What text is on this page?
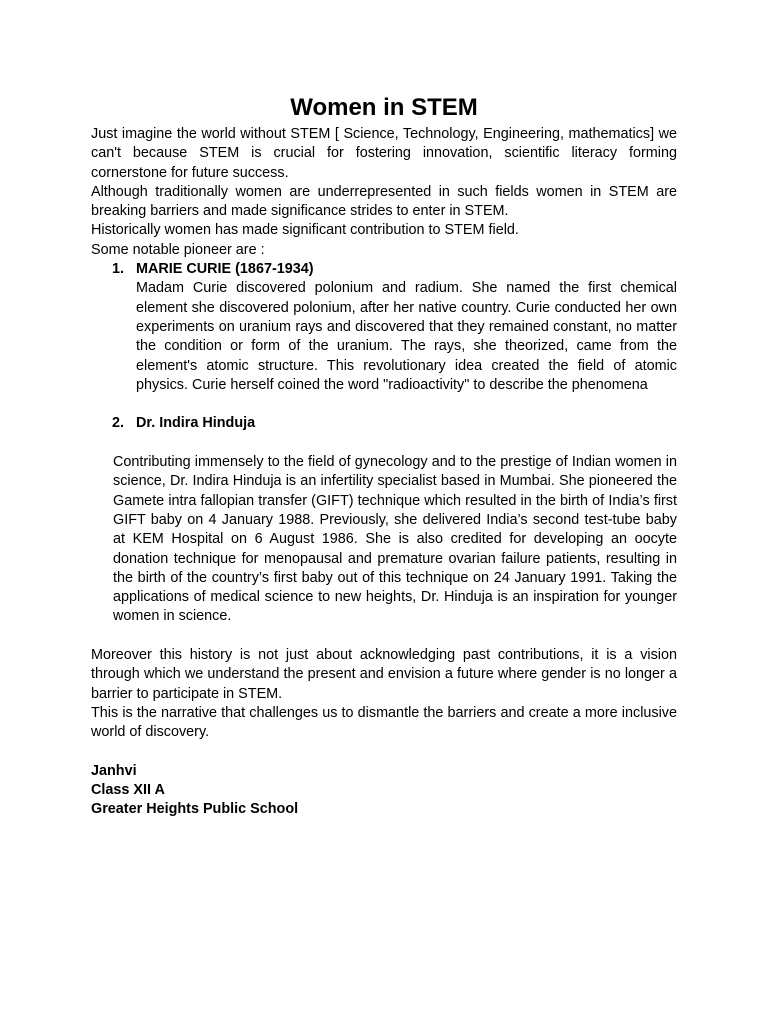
Women in STEM

Just imagine the world without STEM [ Science, Technology, Engineering, mathematics] we can't because STEM is crucial for fostering innovation, scientific literacy forming cornerstone for future success.

Although traditionally women are underrepresented in such fields women in STEM are breaking barriers and made significance strides to enter in STEM.

Historically women has made significant contribution to STEM field.

Some notable pioneer are :

1. MARIE CURIE (1867-1934)

Madam Curie discovered polonium and radium. She named the first chemical element she discovered polonium, after her native country. Curie conducted her own experiments on uranium rays and discovered that they remained constant, no matter the condition or form of the uranium. The rays, she theorized, came from the element's atomic structure. This revolutionary idea created the field of atomic physics. Curie herself coined the word "radioactivity" to describe the phenomena

2. Dr. Indira Hinduja

Contributing immensely to the field of gynecology and to the prestige of Indian women in science, Dr. Indira Hinduja is an infertility specialist based in Mumbai. She pioneered the Gamete intra fallopian transfer (GIFT) technique which resulted in the birth of India’s first GIFT baby on 4 January 1988. Previously, she delivered India’s second test-tube baby at KEM Hospital on 6 August 1986. She is also credited for developing an oocyte donation technique for menopausal and premature ovarian failure patients, resulting in the birth of the country’s first baby out of this technique on 24 January 1991. Taking the applications of medical science to new heights, Dr. Hinduja is an inspiration for younger women in science.

Moreover this history is not just about acknowledging past contributions, it is a vision through which we understand the present and envision a future where gender is no longer a barrier to participate in STEM.

This is the narrative that challenges us to dismantle the barriers and create a more inclusive world of discovery.

Janhvi
Class XII A
Greater Heights Public School
